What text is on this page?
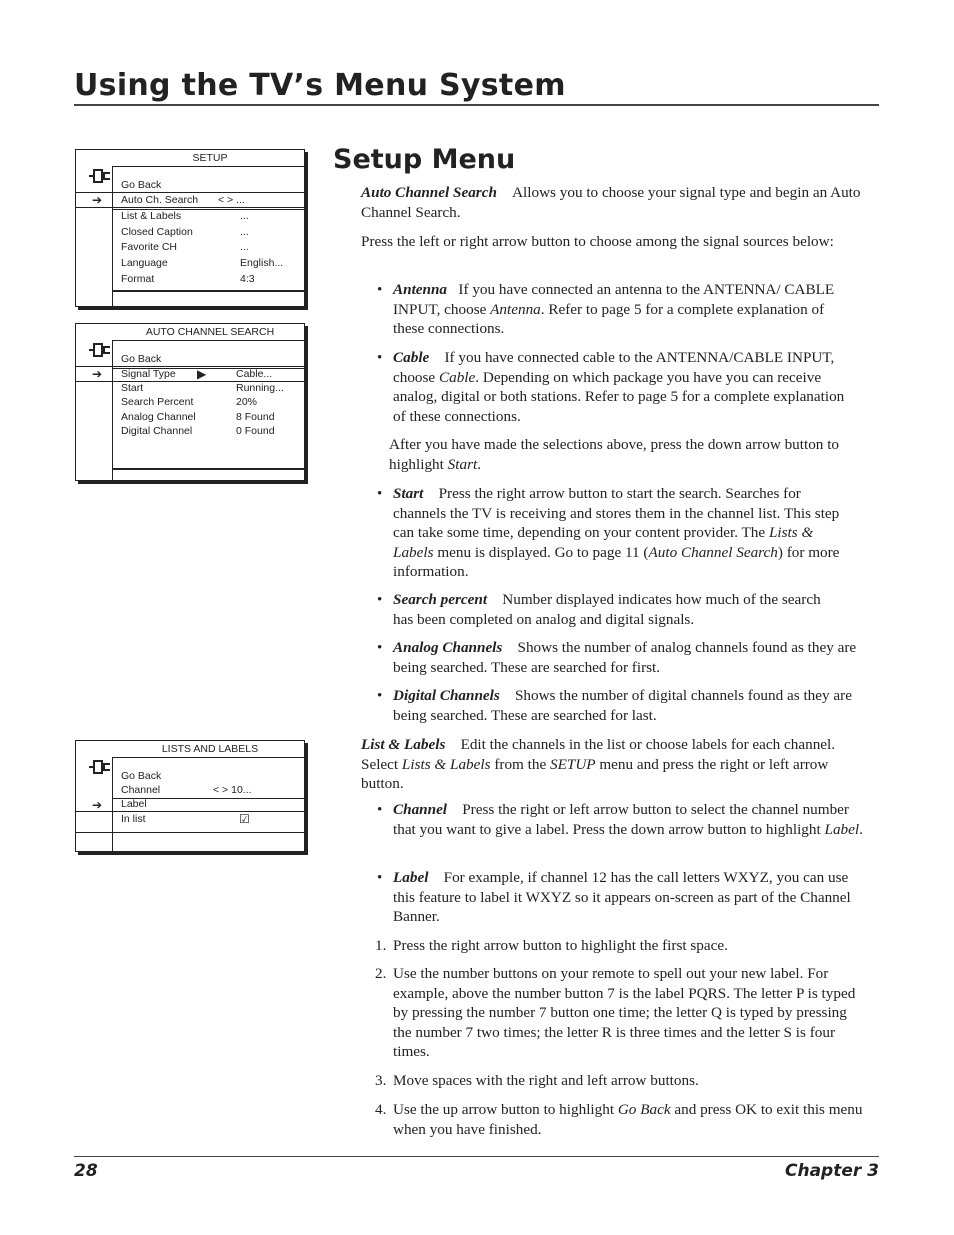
Using the TV’s Menu System
SETUP
Go Back
➔	Auto Ch. Search < > ...
List & Labels	...
Closed Caption	...
Favorite CH	...
Language	English...
Format	4:3
AUTO CHANNEL SEARCH
Go Back
➔	Signal Type ▶	Cable...
Start	Running...
Search Percent	20%
Analog Channel	8 Found
Digital Channel	0 Found
LISTS AND LABELS
Go Back
Channel	< > 10...
➔	Label
In list	☑
Setup Menu
Auto Channel Search Allows you to choose your signal type and begin an Auto Channel Search.
Press the left or right arrow button to choose among the signal sources below:
• Antenna If you have connected an antenna to the ANTENNA/ CABLE INPUT, choose Antenna. Refer to page 5 for a complete explanation of these connections.
• Cable If you have connected cable to the ANTENNA/CABLE INPUT, choose Cable. Depending on which package you have you can receive analog, digital or both stations. Refer to page 5 for a complete explanation of these connections.
After you have made the selections above, press the down arrow button to highlight Start.
• Start Press the right arrow button to start the search. Searches for channels the TV is receiving and stores them in the channel list. This step can take some time, depending on your content provider. The Lists & Labels menu is displayed. Go to page 11 (Auto Channel Search) for more information.
• Search percent Number displayed indicates how much of the search has been completed on analog and digital signals.
• Analog Channels Shows the number of analog channels found as they are being searched. These are searched for first.
• Digital Channels Shows the number of digital channels found as they are being searched. These are searched for last.
List & Labels Edit the channels in the list or choose labels for each channel. Select Lists & Labels from the SETUP menu and press the right or left arrow button.
• Channel Press the right or left arrow button to select the channel number that you want to give a label. Press the down arrow button to highlight Label.
• Label For example, if channel 12 has the call letters WXYZ, you can use this feature to label it WXYZ so it appears on-screen as part of the Channel Banner.
1. Press the right arrow button to highlight the first space.
2. Use the number buttons on your remote to spell out your new label. For example, above the number button 7 is the label PQRS. The letter P is typed by pressing the number 7 button one time; the letter Q is typed by pressing the number 7 two times; the letter R is three times and the letter S is four times.
3. Move spaces with the right and left arrow buttons.
4. Use the up arrow button to highlight Go Back and press OK to exit this menu when you have finished.
28	Chapter 3
